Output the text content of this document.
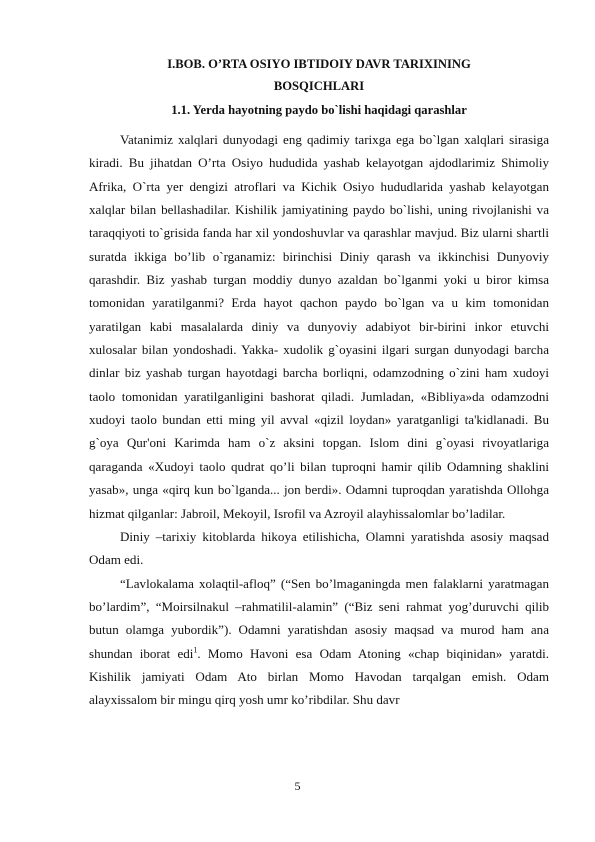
I.BOB. O’RTA OSIYO IBTIDOIY DAVR TARIXINING
BOSQICHLARI
1.1. Yerda hayotning paydo bo`lishi haqidagi qarashlar

Vatanimiz xalqlari dunyodagi eng qadimiy tarixga ega bo`lgan xalqlari sirasiga kiradi. Bu jihatdan O’rta Osiyo hududida yashab kelayotgan ajdodlarimiz Shimoliy Afrika, O`rta yer dengizi atroflari va Kichik Osiyo hududlarida yashab kelayotgan xalqlar bilan bellashadilar. Kishilik jamiyatining paydo bo`lishi, uning rivojlanishi va taraqqiyoti to`grisida fanda har xil yondoshuvlar va qarashlar mavjud. Biz ularni shartli suratda ikkiga bo’lib o`rganamiz: birinchisi Diniy qarash va ikkinchisi Dunyoviy qarashdir. Biz yashab turgan moddiy dunyo azaldan bo`lganmi yoki u biror kimsa tomonidan yaratilganmi? Erda hayot qachon paydo bo`lgan va u kim tomonidan yaratilgan kabi masalalarda diniy va dunyoviy adabiyot bir-birini inkor etuvchi xulosalar bilan yondoshadi. Yakka- xudolik g`oyasini ilgari surgan dunyodagi barcha dinlar biz yashab turgan hayotdagi barcha borliqni, odamzodning o`zini ham xudoyi taolo tomonidan yaratilganligini bashorat qiladi. Jumladan, «Bibliya»da odamzodni xudoyi taolo bundan etti ming yil avval «qizil loydan» yaratganligi ta'kidlanadi. Bu g`oya Qur'oni Karimda ham o`z aksini topgan. Islom dini g`oyasi rivoyatlariga qaraganda «Xudoyi taolo qudrat qo’li bilan tuproqni hamir qilib Odamning shaklini yasab», unga «qirq kun bo`lganda... jon berdi». Odamni tuproqdan yaratishda Ollohga hizmat qilganlar: Jabroil, Mekoyil, Isrofil va Azroyil alayhissalomlar bo’ladilar.

Diniy –tarixiy kitoblarda hikoya etilishicha, Olamni yaratishda asosiy maqsad Odam edi.

“Lavlokalama xolaqtil-afloq” (“Sen bo’lmaganingda men falaklarni yaratmagan bo’lardim”, “Moirsilnakul –rahmatilil-alamin” (“Biz seni rahmat yog’duruvchi qilib butun olamga yubordik”). Odamni yaratishdan asosiy maqsad va murod ham ana shundan iborat edi$^1$. Momo Havoni esa Odam Atoning «chap biqinidan» yaratdi. Kishilik jamiyati Odam Ato birlan Momo Havodan tarqalgan emish. Odam alayxissalom bir mingu qirq yosh umr ko’ribdilar. Shu davr

5
